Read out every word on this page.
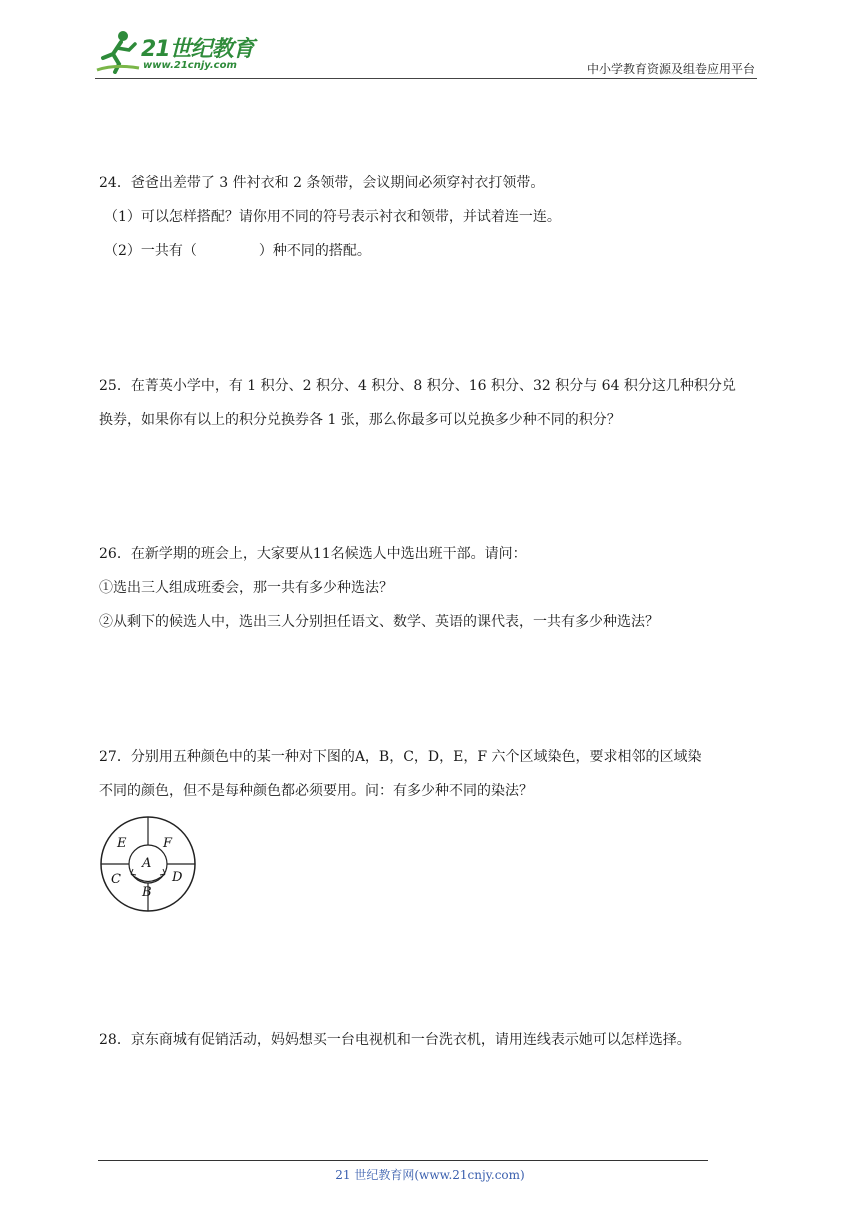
21世纪教育
www.21cnjy.com	中小学教育资源及组卷应用平台
24．爸爸出差带了 3 件衬衣和 2 条领带，会议期间必须穿衬衣打领带。
（1）可以怎样搭配？请你用不同的符号表示衬衣和领带，并试着连一连。
（2）一共有（	）种不同的搭配。
25．在菁英小学中，有 1 积分、2 积分、4 积分、8 积分、16 积分、32 积分与 64 积分这几种积分兑
换券，如果你有以上的积分兑换券各 1 张，那么你最多可以兑换多少种不同的积分？
26．在新学期的班会上，大家要从11名候选人中选出班干部。请问：
①选出三人组成班委会，那一共有多少种选法？
②从剩下的候选人中，选出三人分别担任语文、数学、英语的课代表，一共有多少种选法？
27．分别用五种颜色中的某一种对下图的A，B，C，D，E，F 六个区域染色，要求相邻的区域染
不同的颜色，但不是每种颜色都必须要用。问：有多少种不同的染法？
E	F
A
C	D
B
28．京东商城有促销活动，妈妈想买一台电视机和一台洗衣机，请用连线表示她可以怎样选择。
21 世纪教育网(www.21cnjy.com)
